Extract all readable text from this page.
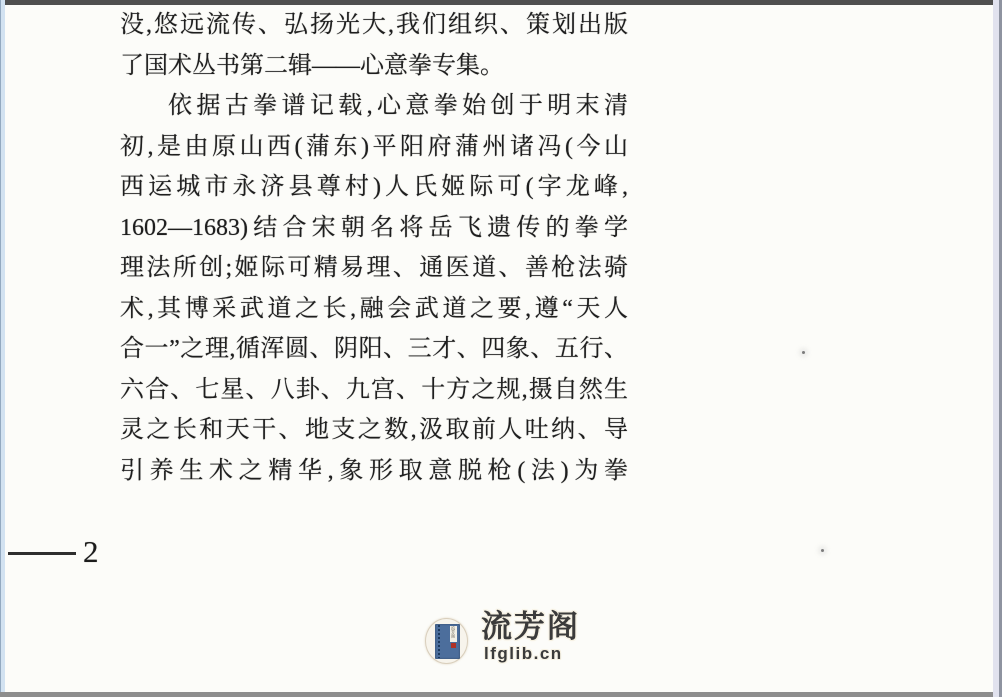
没,悠远流传、弘扬光大,我们组织、策划出版
了国术丛书第二辑——心意拳专集。
依据古拳谱记载,心意拳始创于明末清
初,是由原山西(蒲东)平阳府蒲州诸冯(今山
西运城市永济县尊村)人氏姬际可(字龙峰,
1602—1683)结合宋朝名将岳飞遗传的拳学
理法所创;姬际可精易理、通医道、善枪法骑
术,其博采武道之长,融会武道之要,遵“天人
合一”之理,循浑圆、阴阳、三才、四象、五行、
六合、七星、八卦、九宫、十方之规,摄自然生
灵之长和天干、地支之数,汲取前人吐纳、导
引养生术之精华,象形取意脱枪(法)为拳
2
流芳阁 流芳阁
lfglib.cn
